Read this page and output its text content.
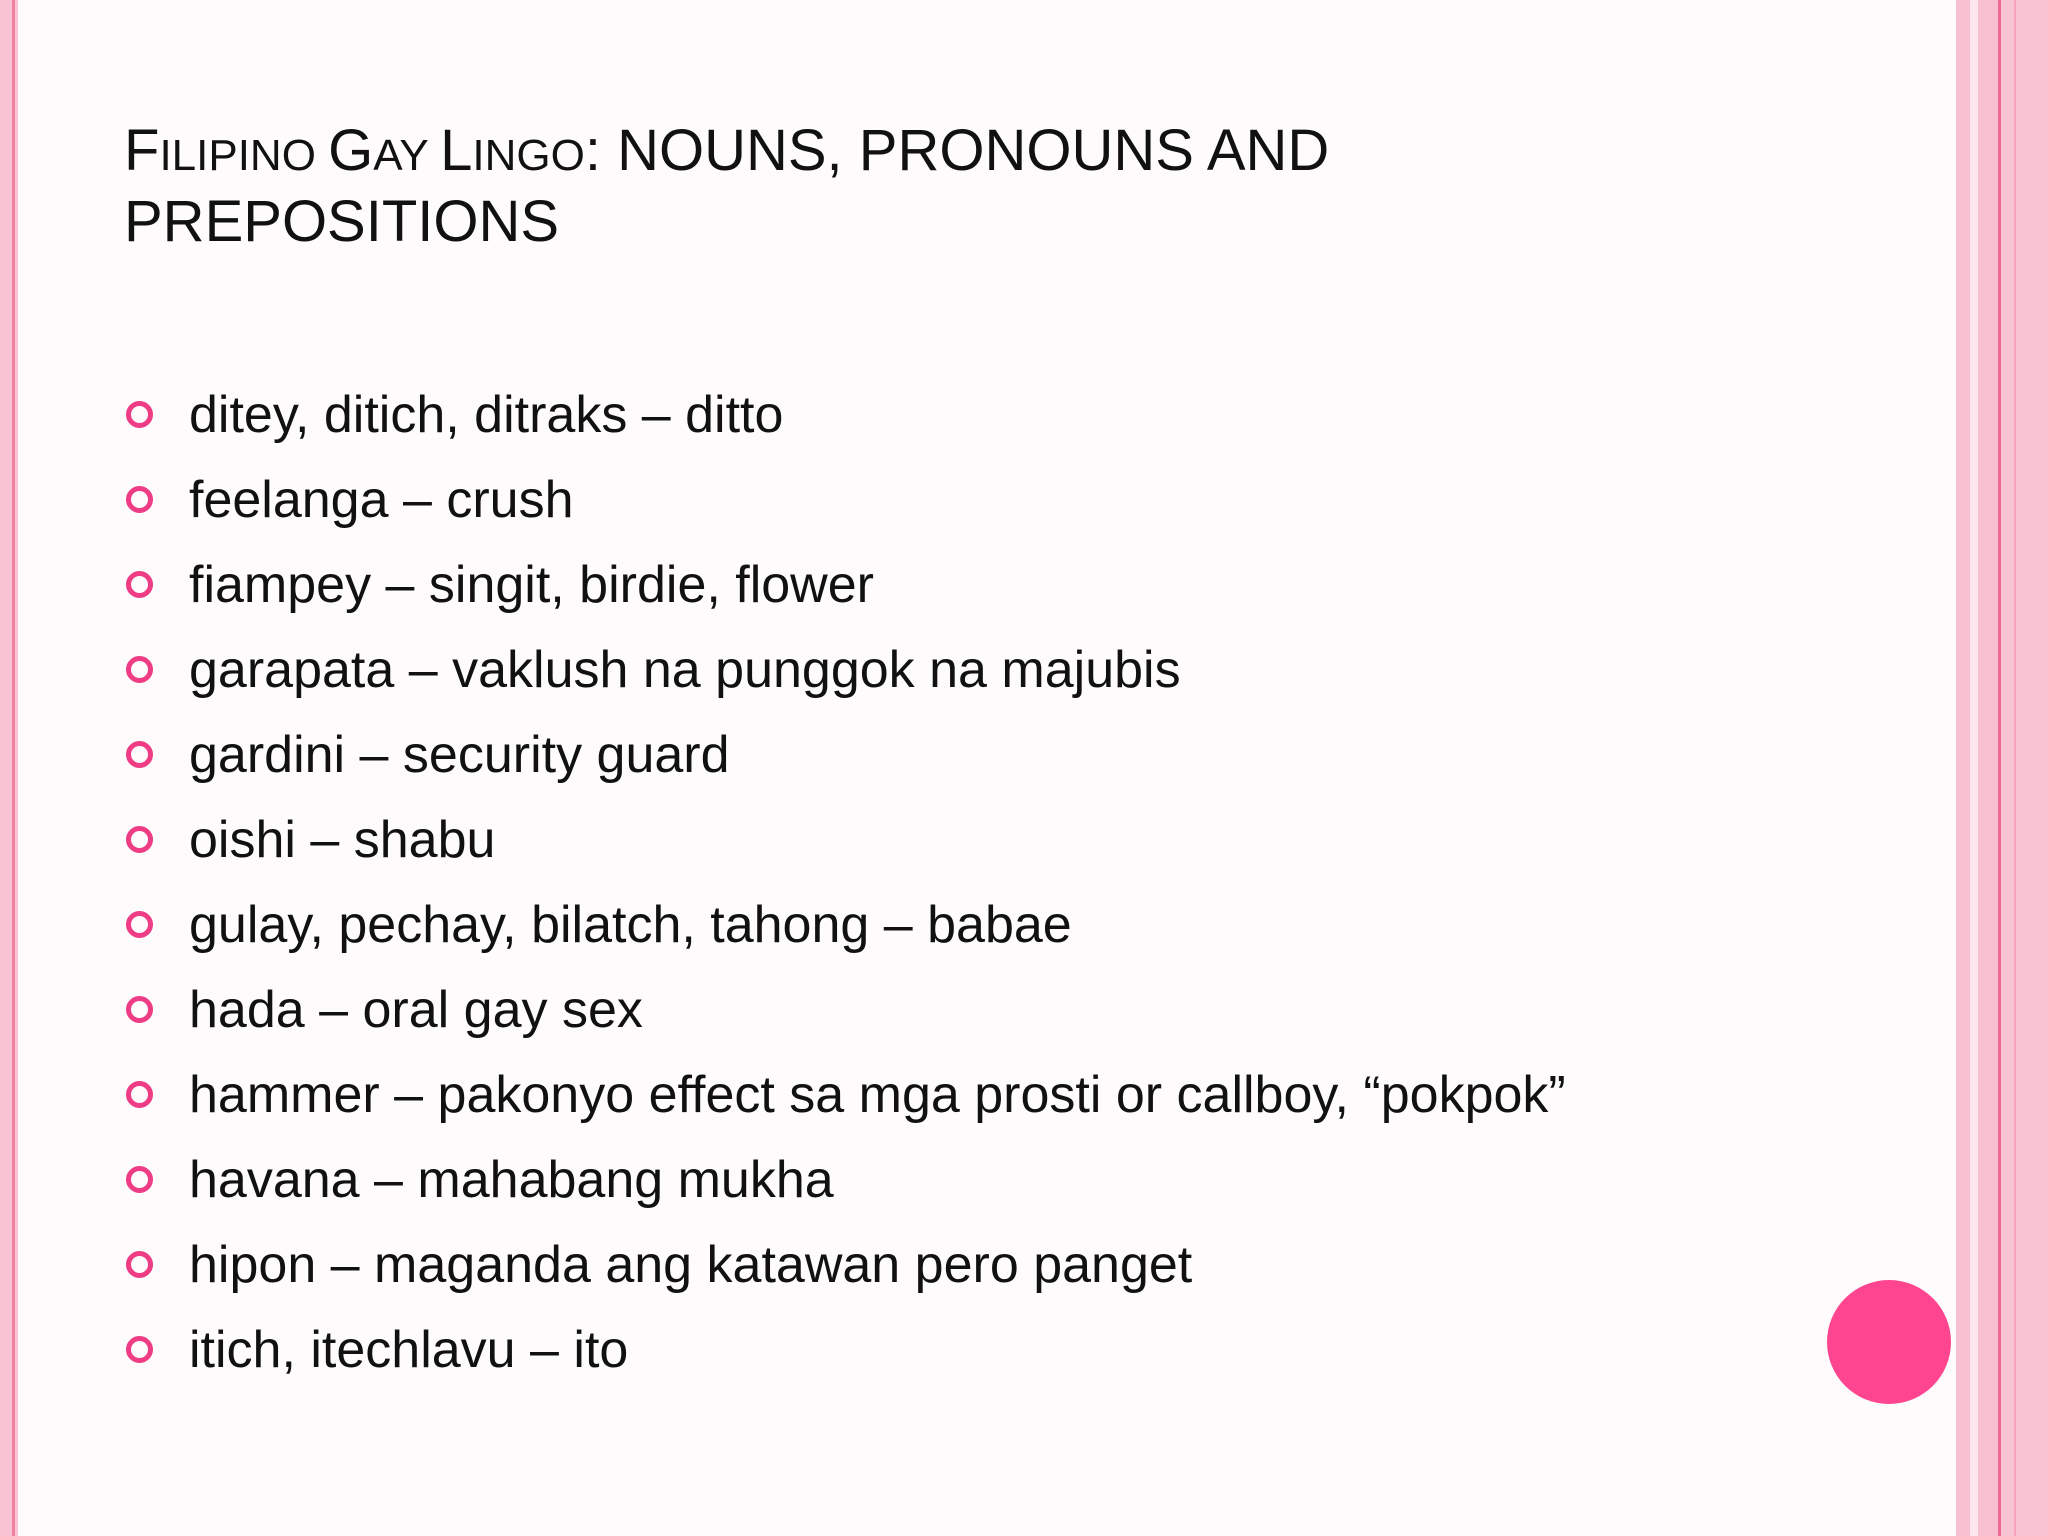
FILIPINO GAY LINGO: NOUNS, PRONOUNS AND
PREPOSITIONS
ditey, ditich, ditraks – ditto
feelanga – crush
fiampey – singit, birdie, flower
garapata – vaklush na punggok na majubis
gardini – security guard
oishi – shabu
gulay, pechay, bilatch, tahong – babae
hada – oral gay sex
hammer – pakonyo effect sa mga prosti or callboy, “pokpok”
havana – mahabang mukha
hipon – maganda ang katawan pero panget
itich, itechlavu – ito
